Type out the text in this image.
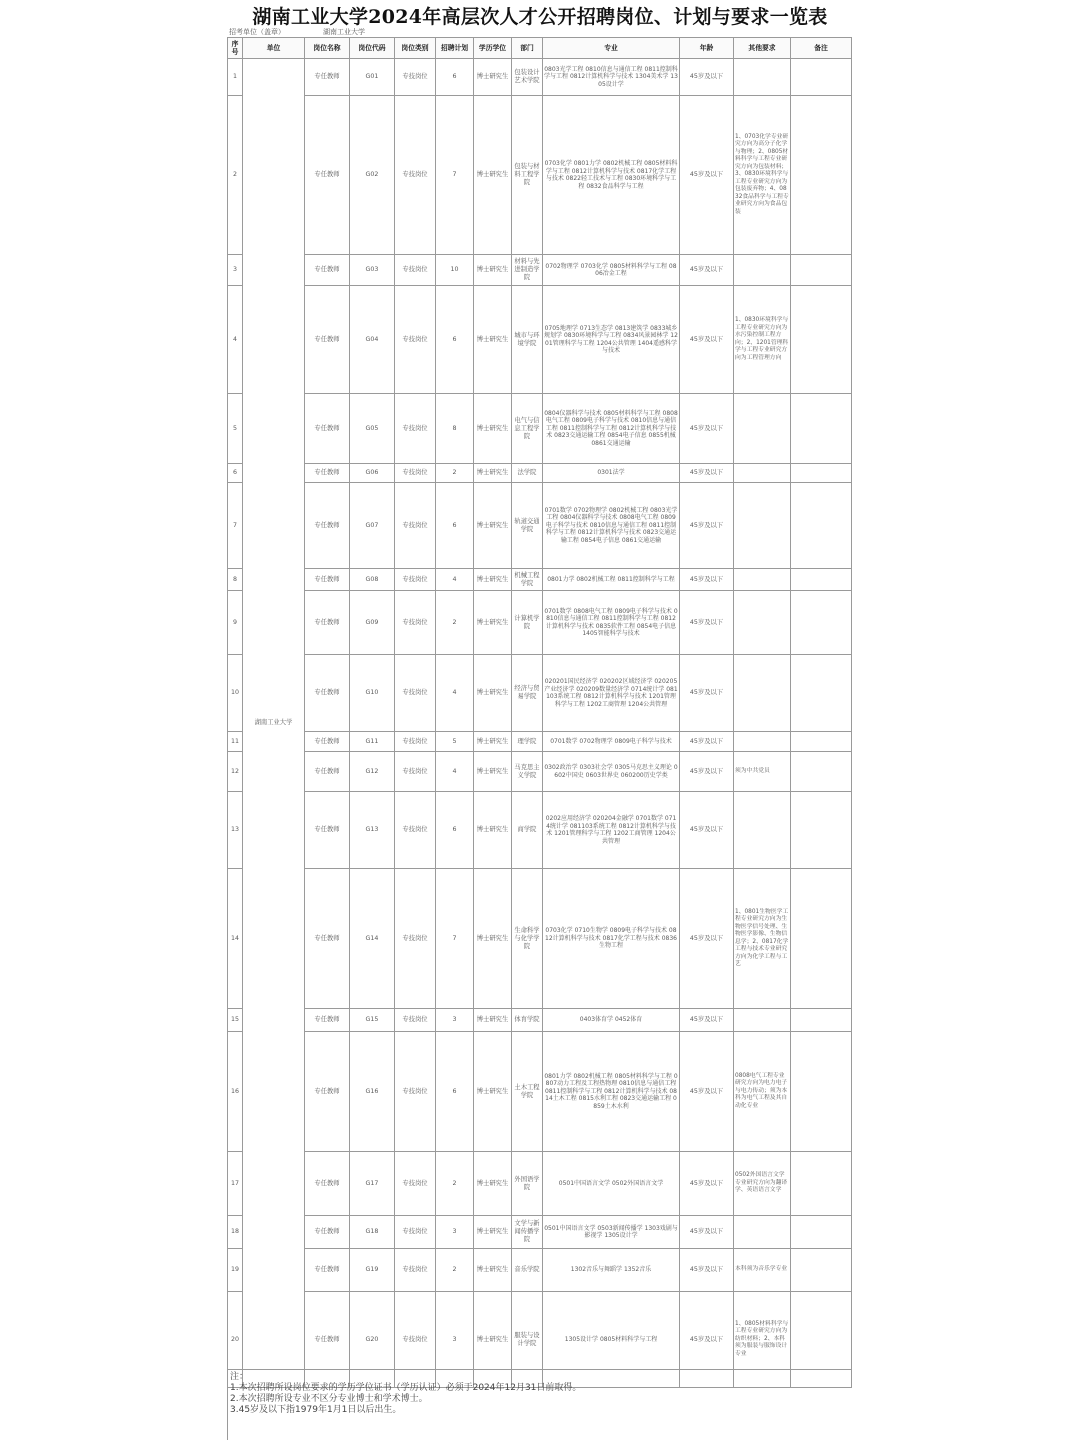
湖南工业大学2024年高层次人才公开招聘岗位、计划与要求一览表
招考单位（盖章）	湖南工业大学
序号	单位	岗位名称	岗位代码	岗位类别	招聘计划	学历学位	部门	专业	年龄	其他要求	备注
1	湖南工业大学	专任教师	G01	专技岗位	6	博士研究生	包装设计艺术学院	0803光学工程 0810信息与通信工程 0811控制科学与工程 0812计算机科学与技术 1304美术学 1305设计学	45岁及以下		
2		专任教师	G02	专技岗位	7	博士研究生	包装与材料工程学院	0703化学 0801力学 0802机械工程 0805材料科学与工程 0812计算机科学与技术 0817化学工程与技术 0822轻工技术与工程 0830环境科学与工程 0832食品科学与工程	45岁及以下	1、0703化学专业研究方向为高分子化学与物理；2、0805材料科学与工程专业研究方向为包装材料；3、0830环境科学与工程专业研究方向为包装废弃物；4、0832食品科学与工程专业研究方向为食品包装	
3		专任教师	G03	专技岗位	10	博士研究生	材料与先进制造学院	0702物理学 0703化学 0805材料科学与工程 0806冶金工程	45岁及以下		
4		专任教师	G04	专技岗位	6	博士研究生	城市与环境学院	0705地理学 0713生态学 0813建筑学 0833城乡规划学 0830环境科学与工程 0834风景园林学 1201管理科学与工程 1204公共管理 1404遥感科学与技术	45岁及以下	1、0830环境科学与工程专业研究方向为水污染控制工程方向；2、1201管理科学与工程专业研究方向为工程管理方向	
5		专任教师	G05	专技岗位	8	博士研究生	电气与信息工程学院	0804仪器科学与技术 0805材料科学与工程 0808电气工程 0809电子科学与技术 0810信息与通信工程 0811控制科学与工程 0812计算机科学与技术 0823交通运输工程 0854电子信息 0855机械 0861交通运输	45岁及以下		
6		专任教师	G06	专技岗位	2	博士研究生	法学院	0301法学	45岁及以下		
7		专任教师	G07	专技岗位	6	博士研究生	轨道交通学院	0701数学 0702物理学 0802机械工程 0803光学工程 0804仪器科学与技术 0808电气工程 0809电子科学与技术 0810信息与通信工程 0811控制科学与工程 0812计算机科学与技术 0823交通运输工程 0854电子信息 0861交通运输	45岁及以下		
8		专任教师	G08	专技岗位	4	博士研究生	机械工程学院	0801力学 0802机械工程 0811控制科学与工程	45岁及以下		
9		专任教师	G09	专技岗位	2	博士研究生	计算机学院	0701数学 0808电气工程 0809电子科学与技术 0810信息与通信工程 0811控制科学与工程 0812计算机科学与技术 0835软件工程 0854电子信息 1405智能科学与技术	45岁及以下		
10		专任教师	G10	专技岗位	4	博士研究生	经济与贸易学院	020201国民经济学 020202区域经济学 020205产业经济学 020209数量经济学 0714统计学 081103系统工程 0812计算机科学与技术 1201管理科学与工程 1202工商管理 1204公共管理	45岁及以下		
11		专任教师	G11	专技岗位	5	博士研究生	理学院	0701数学 0702物理学 0809电子科学与技术	45岁及以下		
12		专任教师	G12	专技岗位	4	博士研究生	马克思主义学院	0302政治学 0303社会学 0305马克思主义理论 0602中国史 0603世界史 060200历史学类	45岁及以下	须为中共党员	
13		专任教师	G13	专技岗位	6	博士研究生	商学院	0202应用经济学 020204金融学 0701数学 0714统计学 081103系统工程 0812计算机科学与技术 1201管理科学与工程 1202工商管理 1204公共管理	45岁及以下		
14		专任教师	G14	专技岗位	7	博士研究生	生命科学与化学学院	0703化学 0710生物学 0809电子科学与技术 0812计算机科学与技术 0817化学工程与技术 0836生物工程	45岁及以下	1、0801生物医学工程专业研究方向为生物医学信号处理、生物医学影像、生物信息学；2、0817化学工程与技术专业研究方向为化学工程与工艺	
15		专任教师	G15	专技岗位	3	博士研究生	体育学院	0403体育学 0452体育	45岁及以下		
16		专任教师	G16	专技岗位	6	博士研究生	土木工程学院	0801力学 0802机械工程 0805材料科学与工程 0807动力工程及工程热物理 0810信息与通信工程 0811控制科学与工程 0812计算机科学与技术 0814土木工程 0815水利工程 0823交通运输工程 0859土木水利	45岁及以下	0808电气工程专业研究方向为电力电子与电力传动；须为本科为电气工程及其自动化专业	
17		专任教师	G17	专技岗位	2	博士研究生	外国语学院	0501中国语言文学 0502外国语言文学	45岁及以下	0502外国语言文学专业研究方向为翻译学、英语语言文学	
18		专任教师	G18	专技岗位	3	博士研究生	文学与新闻传播学院	0501中国语言文学 0503新闻传播学 1303戏剧与影视学 1305设计学	45岁及以下		
19		专任教师	G19	专技岗位	2	博士研究生	音乐学院	1302音乐与舞蹈学 1352音乐	45岁及以下	本科须为音乐学专业	
20		专任教师	G20	专技岗位	3	博士研究生	服装与设计学院	1305设计学 0805材料科学与工程	45岁及以下	1、0805材料科学与工程专业研究方向为纺织材料；2、本科须为服装与服饰设计专业	
注：
1.本次招聘所设岗位要求的学历学位证书（学历认证）必须于2024年12月31日前取得。
2.本次招聘所设专业不区分专业博士和学术博士。
3.45岁及以下指1979年1月1日以后出生。
